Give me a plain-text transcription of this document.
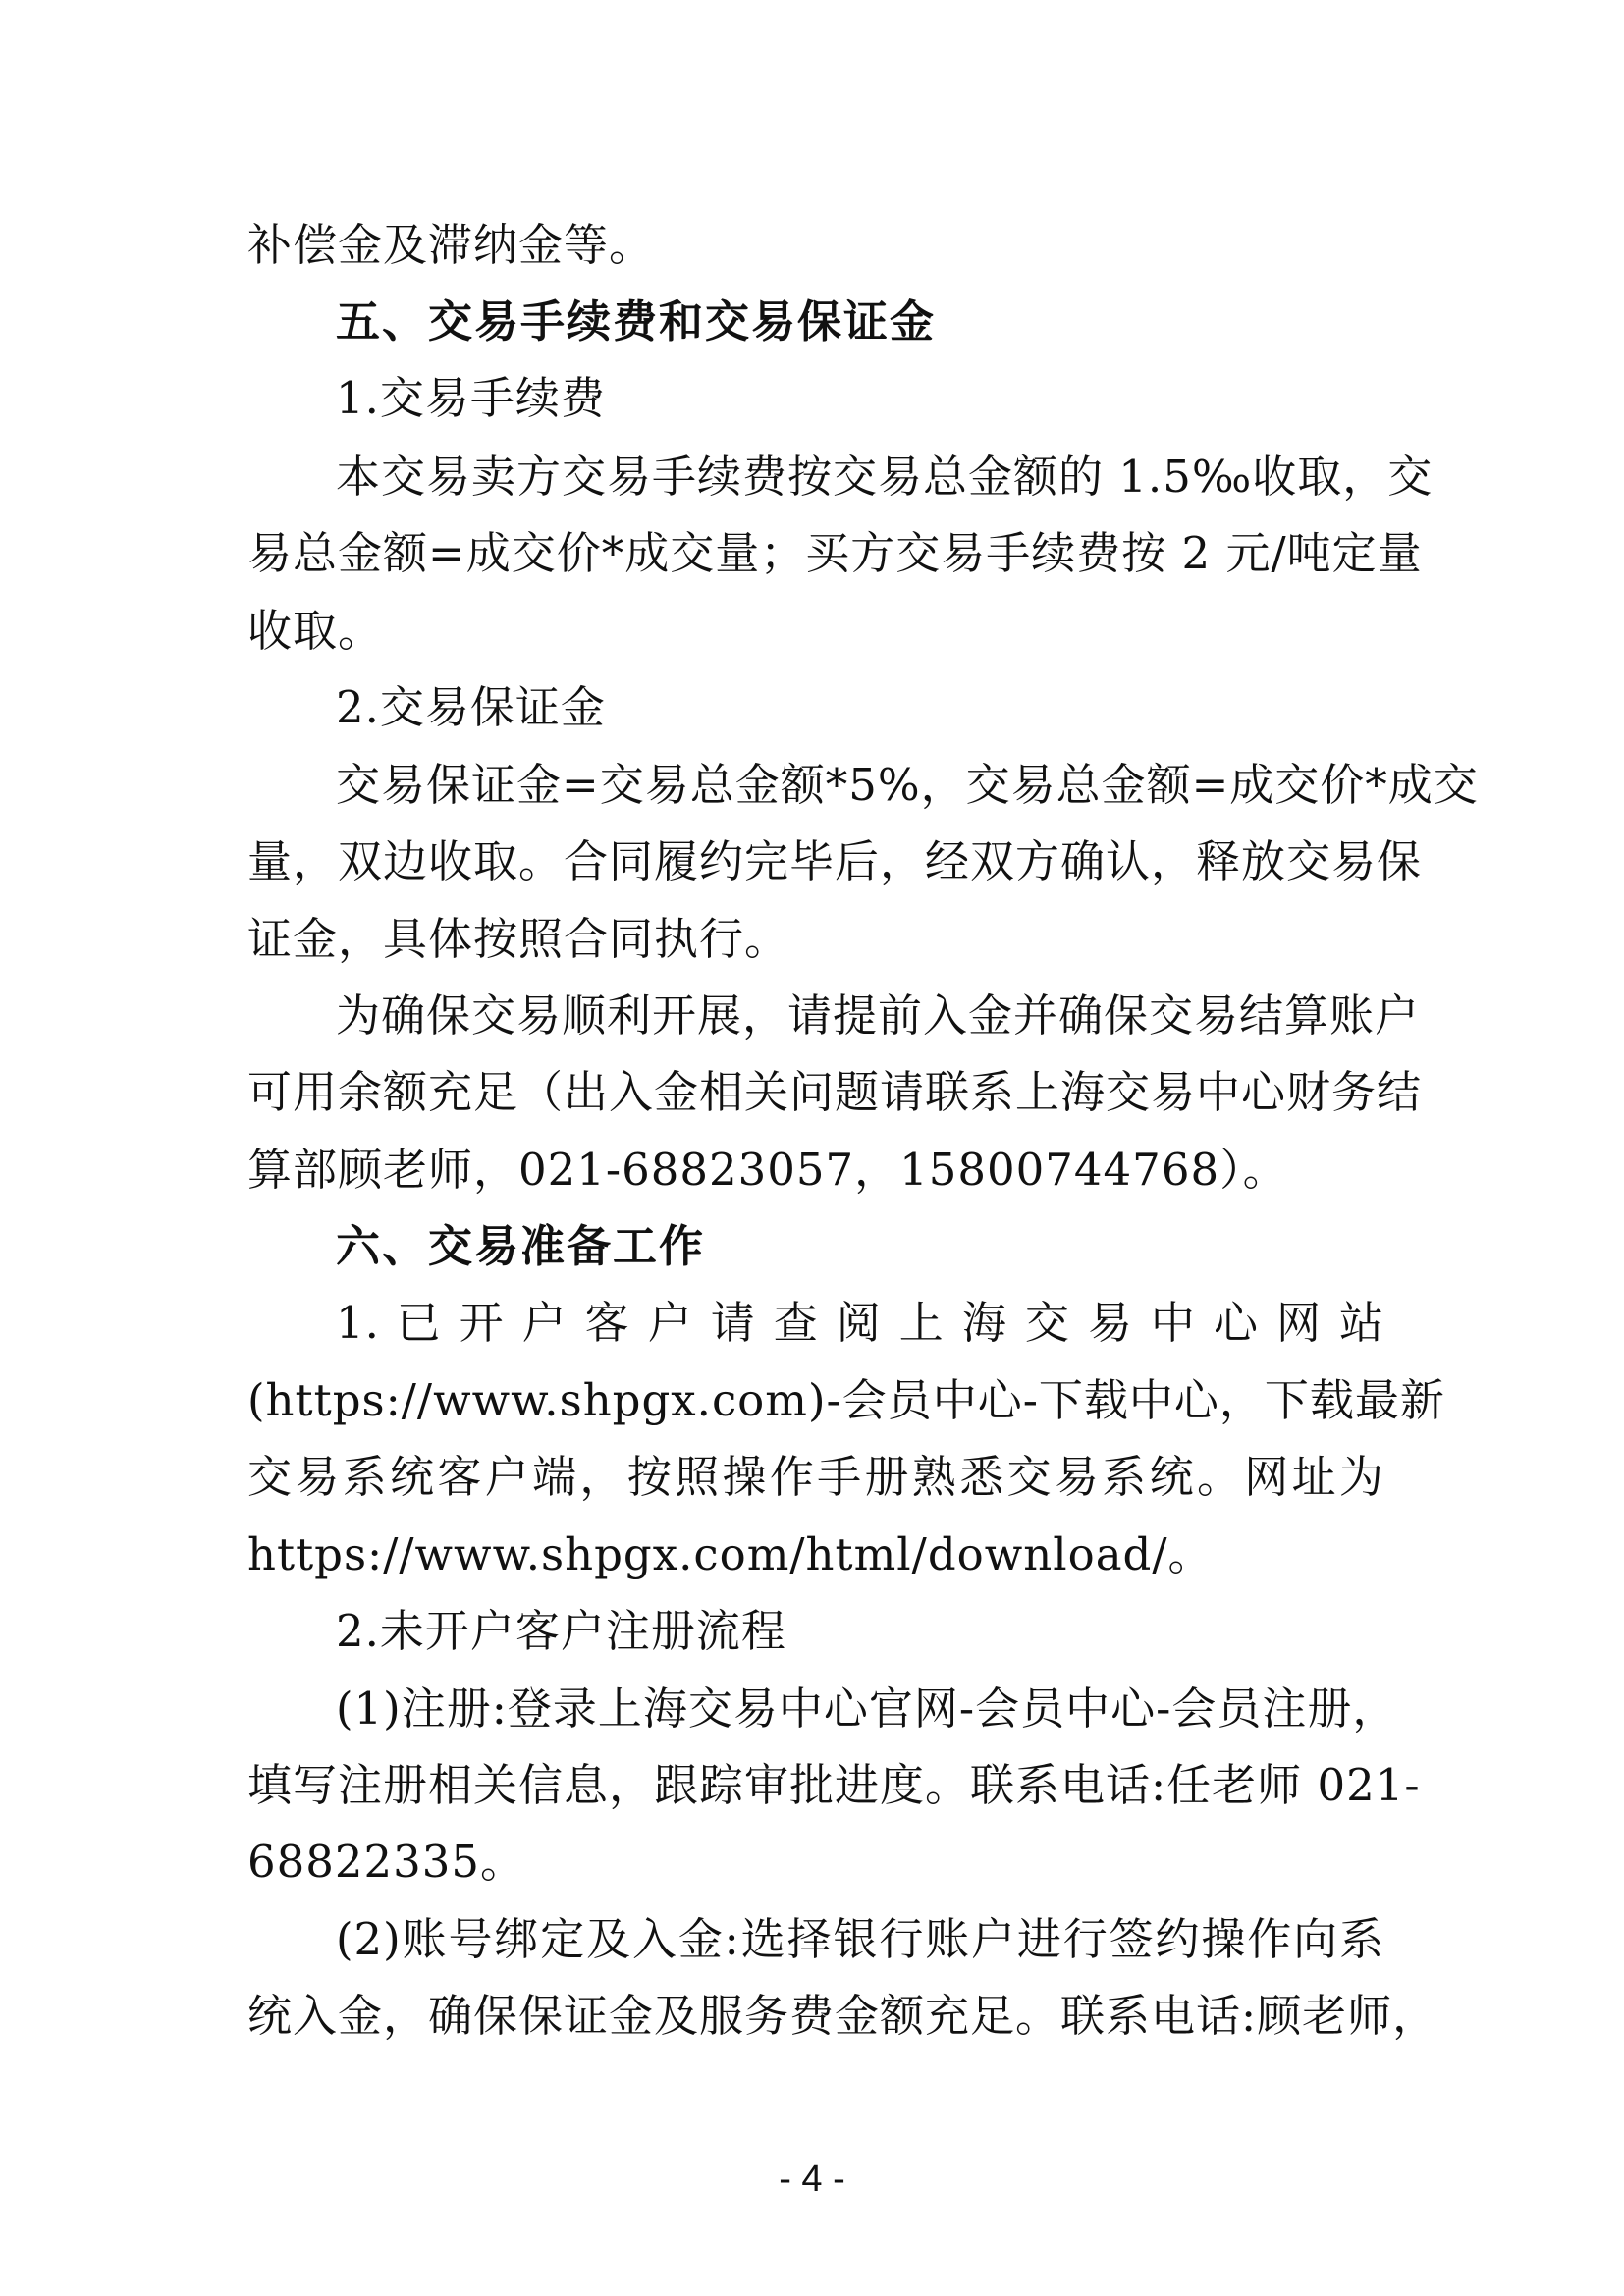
补偿金及滞纳金等。
五、交易手续费和交易保证金
1.交易手续费
本交易卖方交易手续费按交易总金额的 1.5‰收取，交
易总金额=成交价*成交量；买方交易手续费按 2 元/吨定量
收取。
2.交易保证金
交易保证金=交易总金额*5%，交易总金额=成交价*成交
量，双边收取。合同履约完毕后，经双方确认，释放交易保
证金，具体按照合同执行。
为确保交易顺利开展，请提前入金并确保交易结算账户
可用余额充足（出入金相关问题请联系上海交易中心财务结
算部顾老师，021-68823057，15800744768）。
六、交易准备工作
1. 已 开 户 客 户 请 查 阅 上 海 交 易 中 心 网 站
(https://www.shpgx.com)-会员中心-下载中心，下载最新
交易系统客户端，按照操作手册熟悉交易系统。网址为
https://www.shpgx.com/html/download/。
2.未开户客户注册流程
(1)注册:登录上海交易中心官网-会员中心-会员注册，
填写注册相关信息，跟踪审批进度。联系电话:任老师 021-
68822335。
(2)账号绑定及入金:选择银行账户进行签约操作向系
统入金，确保保证金及服务费金额充足。联系电话:顾老师，
- 4 -
